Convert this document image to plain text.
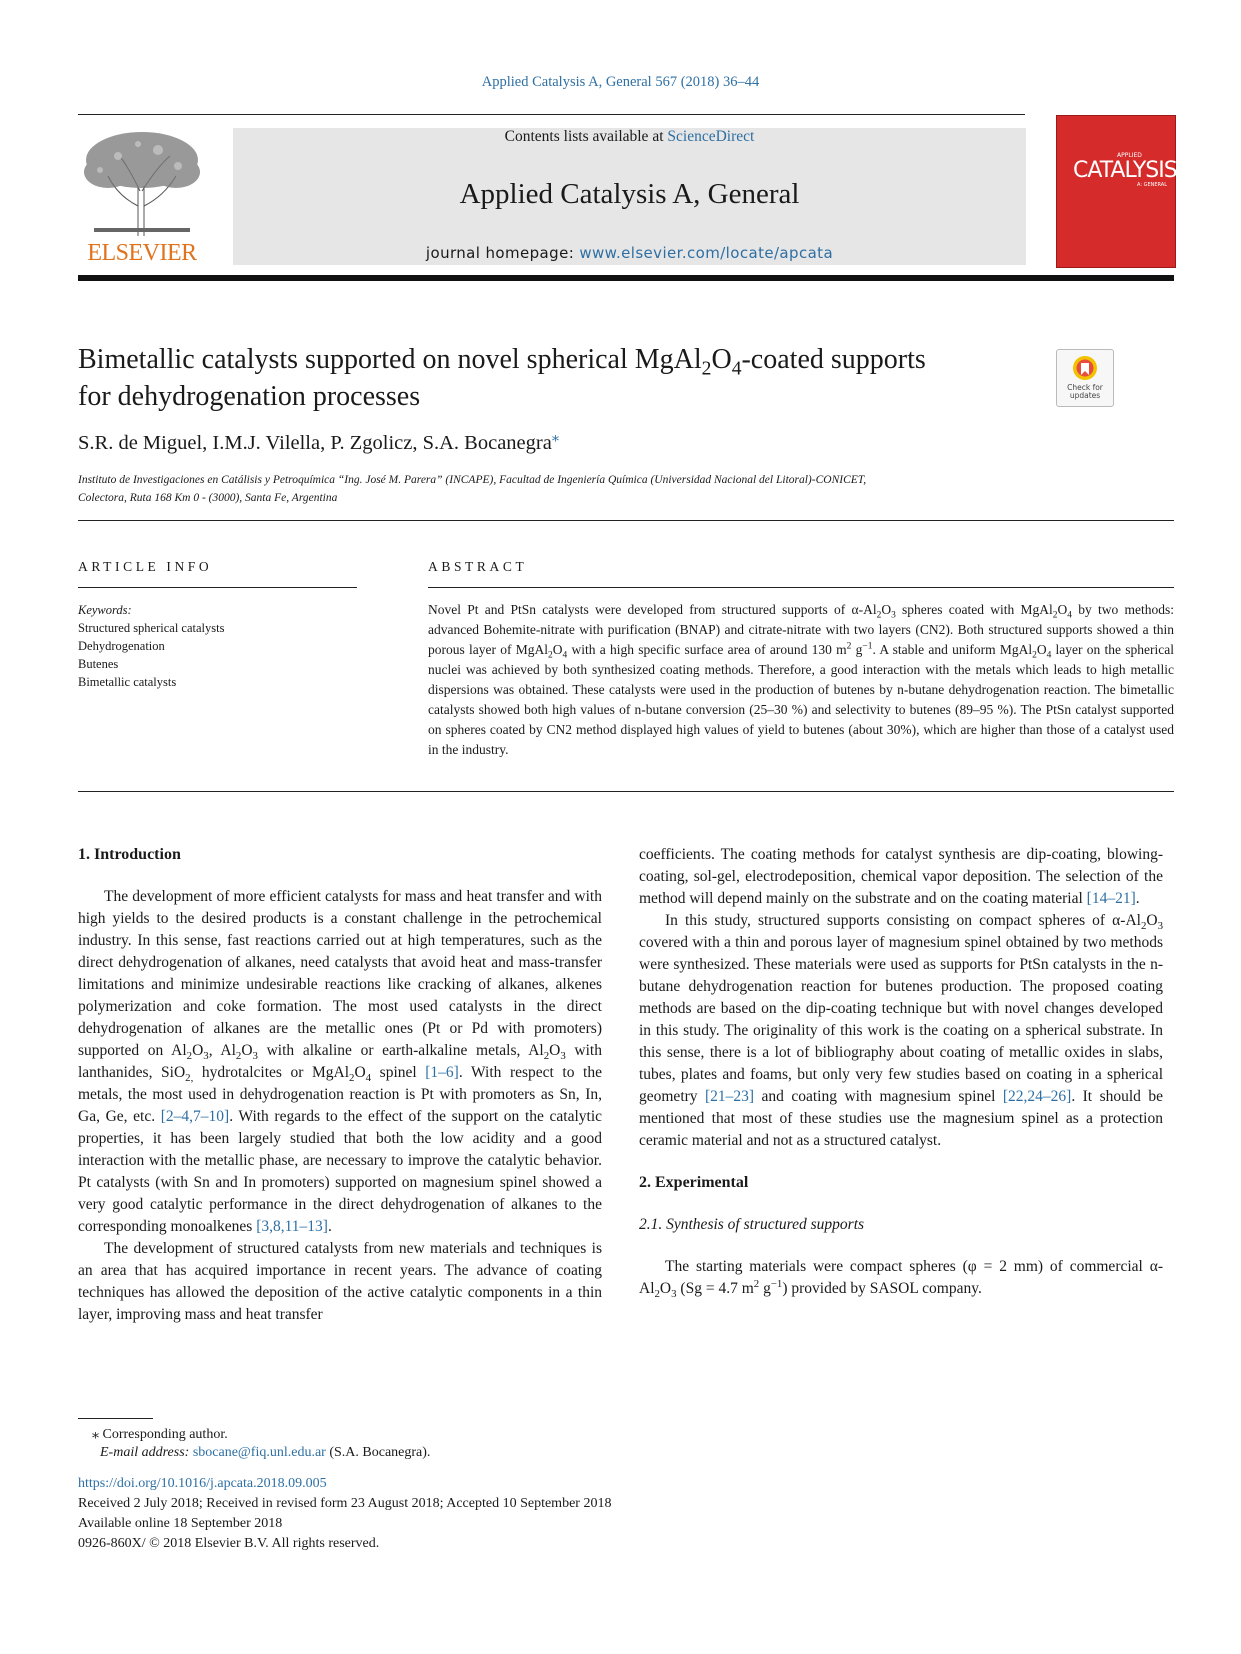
Applied Catalysis A, General 567 (2018) 36–44
ELSEVIER
Contents lists available at ScienceDirect
Applied Catalysis A, General
journal homepage: www.elsevier.com/locate/apcata
APPLIED
CATALYSIS
A: GENERAL
Bimetallic catalysts supported on novel spherical $MgAl_2O_4$-coated supports
for dehydrogenation processes	Check for
updates
S.R. de Miguel, I.M.J. Vilella, P. Zgolicz, S.A. Bocanegra⁎
Instituto de Investigaciones en Catálisis y Petroquímica “Ing. José M. Parera” (INCAPE), Facultad de Ingeniería Química (Universidad Nacional del Litoral)-CONICET,
Colectora, Ruta 168 Km 0 - (3000), Santa Fe, Argentina
ARTICLE INFO	ABSTRACT
Keywords:
Structured spherical catalysts
Dehydrogenation
Butenes
Bimetallic catalysts
Novel Pt and PtSn catalysts were developed from structured supports of $\alpha-Al_2O_3$ spheres coated with $MgAl_2O_4$ by two methods: advanced Bohemite-nitrate with purification (BNAP) and citrate-nitrate with two layers (CN2). Both structured supports showed a thin porous layer of $MgAl_2O_4$ with a high specific surface area of around 130 $m^2$ $g^{-1}$. A stable and uniform $MgAl_2O_4$ layer on the spherical nuclei was achieved by both synthesized coating methods. Therefore, a good interaction with the metals which leads to high metallic dispersions was obtained. These catalysts were used in the production of butenes by n-butane dehydrogenation reaction. The bimetallic catalysts showed both high values of n-butane conversion (25–30 %) and selectivity to butenes (89–95 %). The PtSn catalyst supported on spheres coated by CN2 method displayed high values of yield to butenes (about 30%), which are higher than those of a catalyst used in the industry.
1. Introduction

The development of more efficient catalysts for mass and heat transfer and with high yields to the desired products is a constant challenge in the petrochemical industry. In this sense, fast reactions carried out at high temperatures, such as the direct dehydrogenation of alkanes, need catalysts that avoid heat and mass-transfer limitations and minimize undesirable reactions like cracking of alkanes, alkenes polymerization and coke formation. The most used catalysts in the direct dehydrogenation of alkanes are the metallic ones (Pt or Pd with promoters) supported on $Al_2O_3$, $Al_2O_3$ with alkaline or earth-alkaline metals, $Al_2O_3$ with lanthanides, SiO$_{2,}$ hydrotalcites or $MgAl_2O_4$ spinel [1–6]. With respect to the metals, the most used in dehydrogenation reaction is Pt with promoters as Sn, In, Ga, Ge, etc. [2–4,7–10]. With regards to the effect of the support on the catalytic properties, it has been largely studied that both the low acidity and a good interaction with the metallic phase, are necessary to improve the catalytic behavior. Pt catalysts (with Sn and In promoters) supported on magnesium spinel showed a very good catalytic performance in the direct dehydrogenation of alkanes to the corresponding monoalkenes [3,8,11–13].

The development of structured catalysts from new materials and techniques is an area that has acquired importance in recent years. The advance of coating techniques has allowed the deposition of the active catalytic components in a thin layer, improving mass and heat transfer

coefficients. The coating methods for catalyst synthesis are dip-coating, blowing-coating, sol-gel, electrodeposition, chemical vapor deposition. The selection of the method will depend mainly on the substrate and on the coating material [14–21].

In this study, structured supports consisting on compact spheres of $\alpha-Al_2O_3$ covered with a thin and porous layer of magnesium spinel obtained by two methods were synthesized. These materials were used as supports for PtSn catalysts in the n-butane dehydrogenation reaction for butenes production. The proposed coating methods are based on the dip-coating technique but with novel changes developed in this study. The originality of this work is the coating on a spherical substrate. In this sense, there is a lot of bibliography about coating of metallic oxides in slabs, tubes, plates and foams, but only very few studies based on coating in a spherical geometry [21–23] and coating with magnesium spinel [22,24–26]. It should be mentioned that most of these studies use the magnesium spinel as a protection ceramic material and not as a structured catalyst.

2. Experimental
2.1. Synthesis of structured supports

The starting materials were compact spheres (φ = 2 mm) of commercial $\alpha-Al_2O_3$ (Sg = 4.7 $m^2$ $g^{-1}$) provided by SASOL company.

⁎ Corresponding author.
E-mail address: sbocane@fiq.unl.edu.ar (S.A. Bocanegra).
https://doi.org/10.1016/j.apcata.2018.09.005
Received 2 July 2018; Received in revised form 23 August 2018; Accepted 10 September 2018
Available online 18 September 2018
0926-860X/ © 2018 Elsevier B.V. All rights reserved.
